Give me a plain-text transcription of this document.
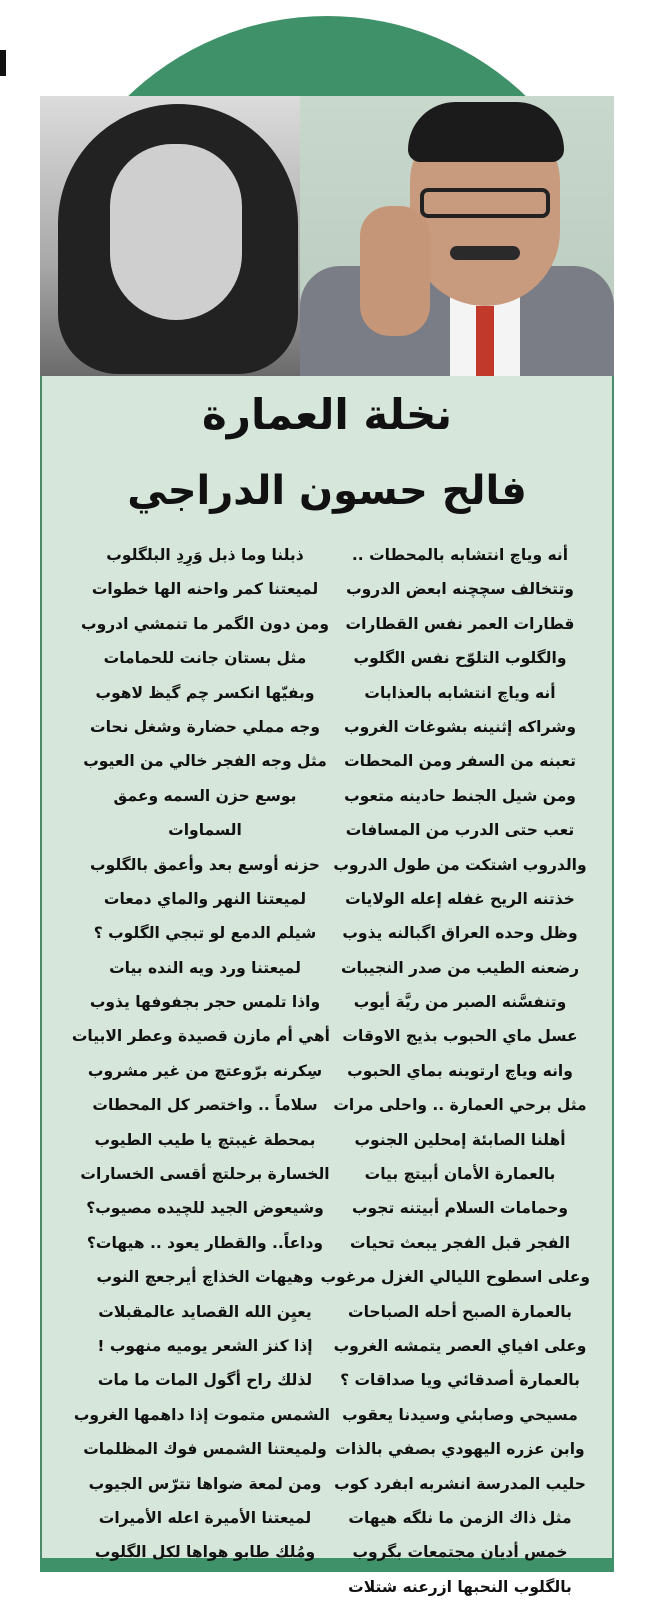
نخلة العمارة
فالح حسون الدراجي
أنه وياچ انتشابه بالمحطات ..
وتتخالف سچچنه ابعض الدروب
قطارات العمر نفس القطارات
والگلوب التلوّح نفس الگلوب
أنه وياچ انتشابه بالعذابات
وشراكه إثنينه بشوغات الغروب
تعبنه من السفر ومن المحطات
ومن شيل الجنط حادينه متعوب
تعب حتى الدرب من المسافات
والدروب اشتكت من طول الدروب
خذتنه الريح غفله إعله الولايات
وظل وحده العراق اگبالنه يذوب
رضعنه الطيب من صدر النجيبات
وتنفسَّنه الصبر من ريَّة أيوب
عسل ماي الحبوب بذيج الاوقات
وانه وياچ ارتوينه بماي الحبوب
مثل برحي العمارة .. واحلى مرات
أهلنا الصابئة إمحلين الجنوب
بالعمارة الأمان أبيتچ بيات
وحمامات السلام أبيتنه تجوب
الفجر قبل الفجر يبعث تحيات
وعلى اسطوح الليالي الغزل مرغوب
بالعمارة الصبح أحله الصباحات
وعلى افياي العصر يتمشه الغروب
بالعمارة أصدقائي ويا صداقات ؟
مسيحي وصابئي وسيدنا يعقوب
وابن عزره اليهودي بصفي بالذات
حليب المدرسة انشربه ابفرد كوب
مثل ذاك الزمن ما نلگه هيهات
خمس أديان مجتمعات بگروب
بالگلوب النحبها ازرعنه شتلات
ذبلنا وما ذبل وَرِدِ البلگلوب
لميعتنا كمر واحنه الها خطوات
ومن دون الگمر ما تنمشي ادروب
مثل بستان جانت للحمامات
وبفيّها انكسر چم گيظ لاهوب
وجه مملي حضارة وشغل نحات
مثل وجه الفجر خالي من العيوب
بوسع حزن السمه وعمق
السماوات
حزنه أوسع بعد وأعمق بالگلوب
لميعتنا النهر والماي دمعات
شيلم الدمع لو تبجي الگلوب ؟
لميعتنا ورد ويه النده بيات
واذا تلمس حجر بجفوفها يذوب
أهي أم مازن قصيدة وعطر الابيات
سِكرنه برّوعتچ من غير مشروب
سلاماً .. واختصر كل المحطات
بمحطة غيبتچ يا طيب الطيوب
الخسارة برحلتچ أقسى الخسارات
وشيعوض الجيد للچيده مصيوب؟
وداعاً.. والقطار يعود .. هيهات؟
وهيهات الخذاچ أيرجعچ النوب
يعيِن الله القصايد عالمقبلات
إذا كنز الشعر يوميه منهوب !
لذلك راح أگول المات ما مات
الشمس متموت إذا داهمها الغروب
ولميعتنا الشمس فوك المظلمات
ومن لمعة ضواها تترّس الجيوب
لميعتنا الأميرة اعله الأميرات
ومُلك طابو هواها لكل الگلوب
